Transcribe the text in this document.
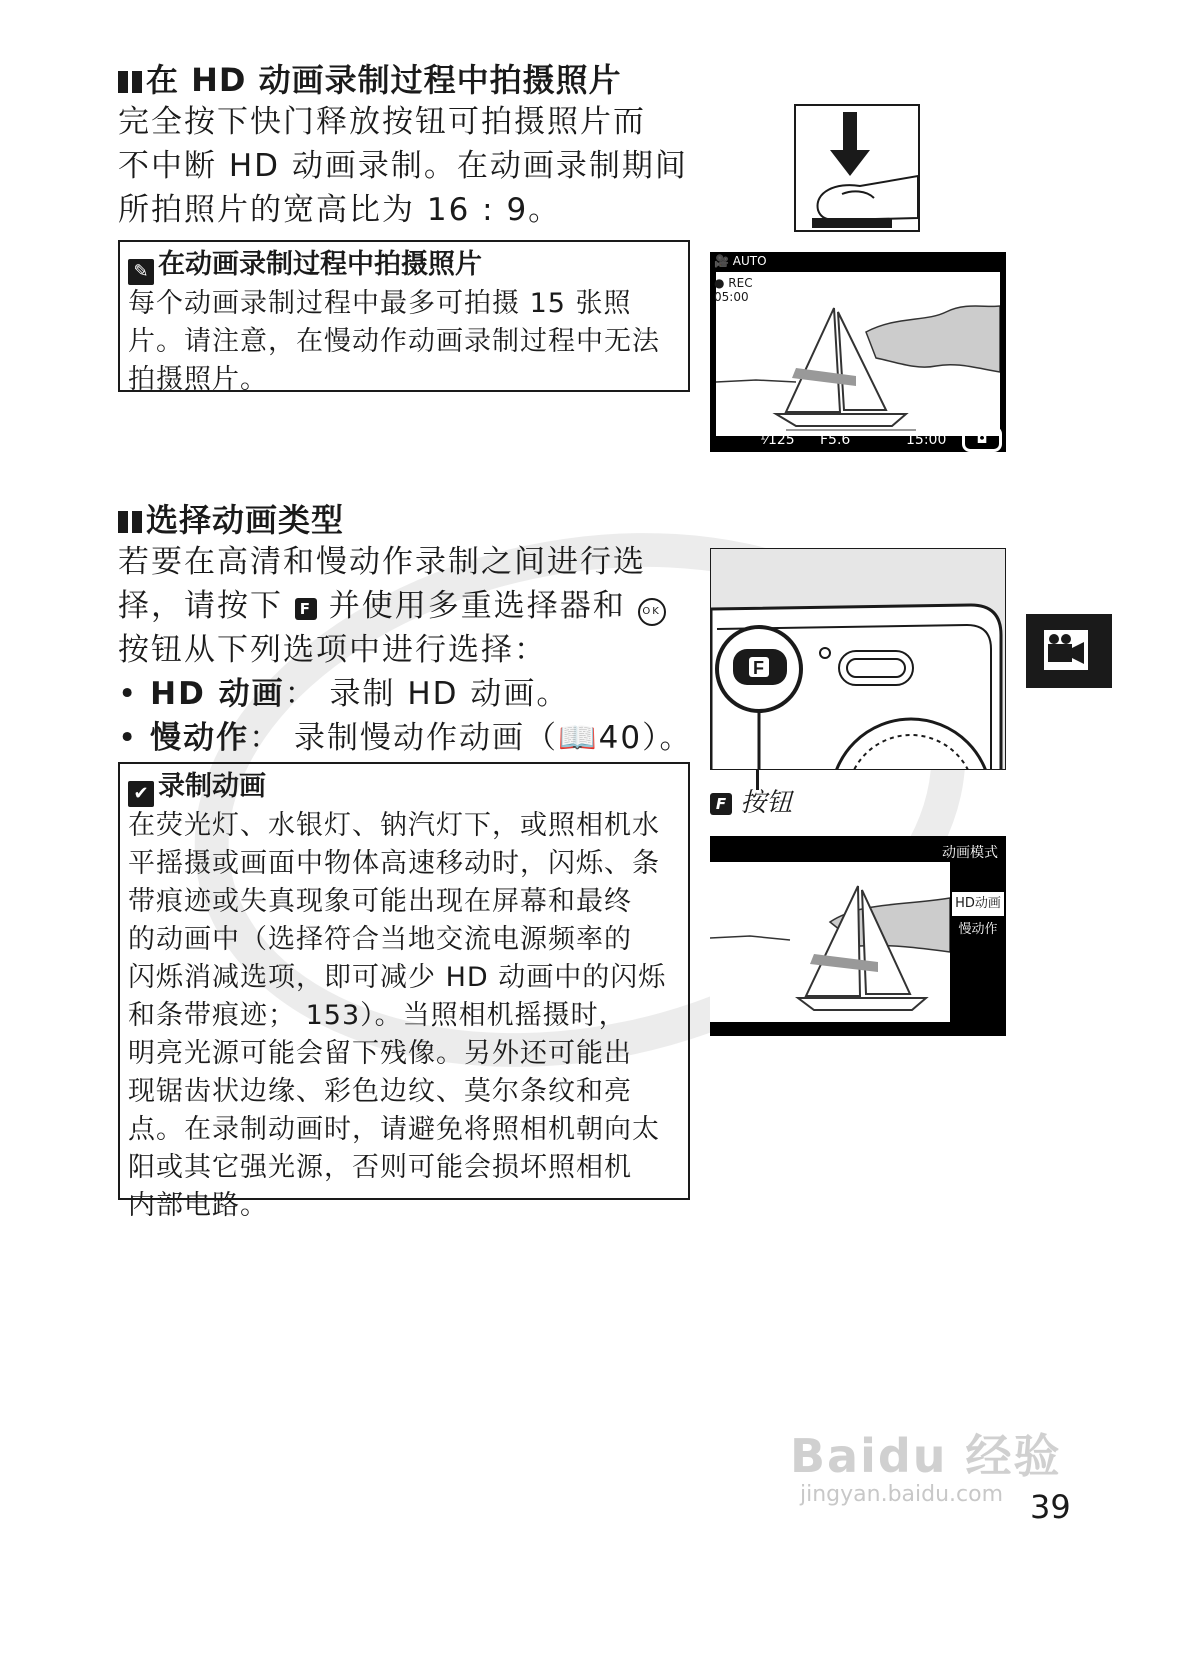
在 HD 动画录制过程中拍摄照片

完全按下快门释放按钮可拍摄照片而

不中断 HD 动画录制。在动画录制期间

所拍照片的宽高比为 16 : 9。

✎ 在动画录制过程中拍摄照片

每个动画录制过程中最多可拍摄 15 张照

片。请注意，在慢动作动画录制过程中无法

拍摄照片。

🎥 AUTO
● REC
05:00
¹⁄125 F5.6	15:00	◘
选择动画类型

若要在高清和慢动作录制之间进行选

择，请按下 F 并使用多重选择器和 OK

按钮从下列选项中进行选择：

• HD 动画： 录制 HD 动画。

• 慢动作： 录制慢动作动画（📖40）。

F
F 按钮
✔ 录制动画

在荧光灯、水银灯、钠汽灯下，或照相机水

平摇摄或画面中物体高速移动时，闪烁、条

带痕迹或失真现象可能出现在屏幕和最终

的动画中（选择符合当地交流电源频率的

闪烁消减选项，即可减少 HD 动画中的闪烁

和条带痕迹； 153）。当照相机摇摄时，

明亮光源可能会留下残像。另外还可能出

现锯齿状边缘、彩色边纹、莫尔条纹和亮

点。在录制动画时，请避免将照相机朝向太

阳或其它强光源，否则可能会损坏照相机

内部电路。

动画模式
HD动画
慢动作
Baidu 经验
jingyan.baidu.com 39
